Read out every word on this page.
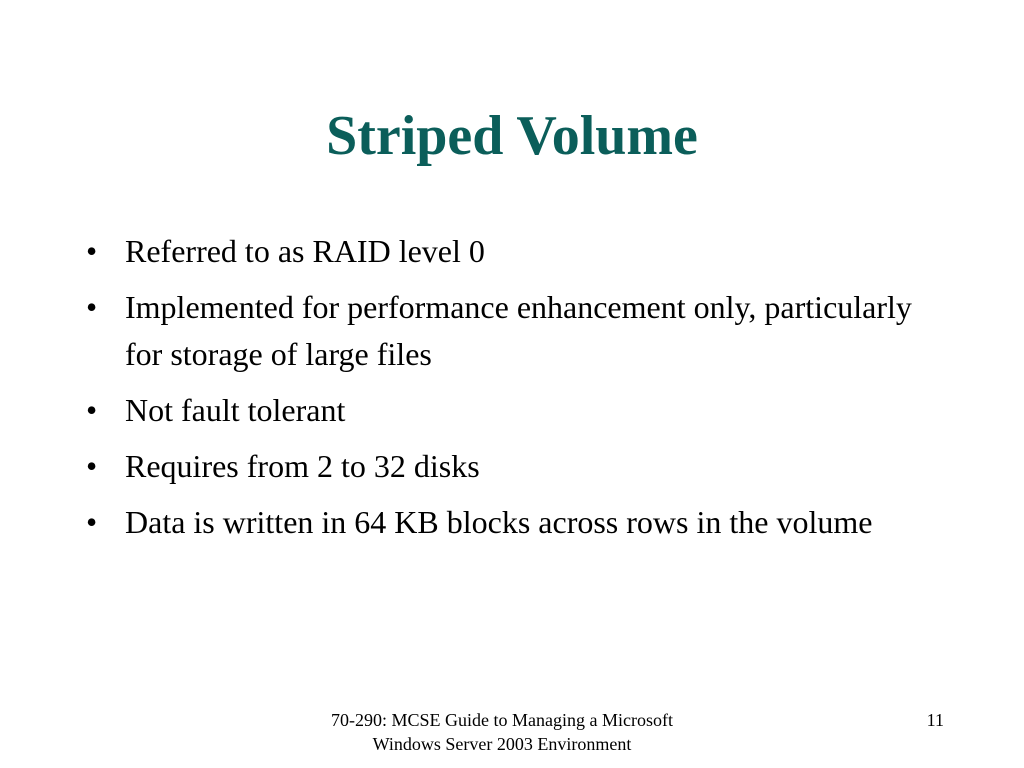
Striped Volume
• Referred to as RAID level 0
• Implemented for performance enhancement only, particularly for storage of large files
• Not fault tolerant
• Requires from 2 to 32 disks
• Data is written in 64 KB blocks across rows in the volume
70-290: MCSE Guide to Managing a Microsoft
Windows Server 2003 Environment
11
